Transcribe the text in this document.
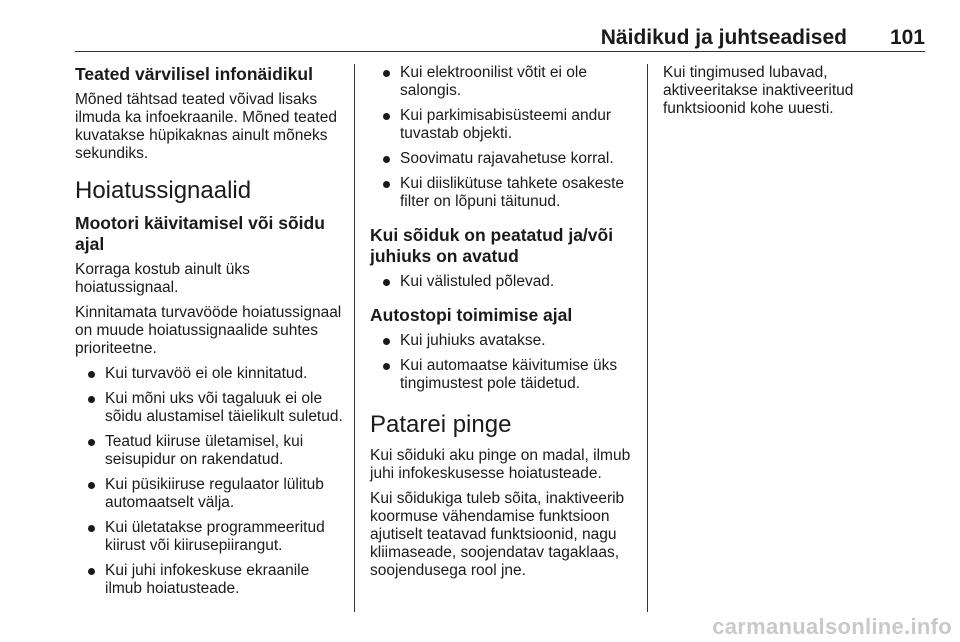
Näidikud ja juhtseadised 101
Teated värvilisel infonäidikul

Mõned tähtsad teated võivad lisaks ilmuda ka infoekraanile. Mõned teated kuvatakse hüpikaknas ainult mõneks sekundiks.

Hoiatussignaalid
Mootori käivitamisel või sõidu ajal

Korraga kostub ainult üks hoiatussignaal.

Kinnitamata turvavööde hoiatussignaal on muude hoiatussignaalide suhtes prioriteetne.

Kui turvavöö ei ole kinnitatud.
Kui mõni uks või tagaluuk ei ole sõidu alustamisel täielikult suletud.
Teatud kiiruse ületamisel, kui seisupidur on rakendatud.
Kui püsikiiruse regulaator lülitub automaatselt välja.
Kui ületatakse programmeeritud kiirust või kiirusepiirangut.
Kui juhi infokeskuse ekraanile ilmub hoiatusteade.
Kui elektroonilist võtit ei ole salongis.
Kui parkimisabisüsteemi andur tuvastab objekti.
Soovimatu rajavahetuse korral.
Kui diislikütuse tahkete osakeste filter on lõpuni täitunud.
Kui sõiduk on peatatud ja/või juhiuks on avatud
Kui välistuled põlevad.
Autostopi toimimise ajal
Kui juhiuks avatakse.
Kui automaatse käivitumise üks tingimustest pole täidetud.
Patarei pinge

Kui sõiduki aku pinge on madal, ilmub juhi infokeskusesse hoiatusteade.

Kui sõidukiga tuleb sõita, inaktiveerib koormuse vähendamise funktsioon ajutiselt teatavad funktsioonid, nagu kliimaseade, soojendatav tagaklaas, soojendusega rool jne.

Kui tingimused lubavad, aktiveeritakse inaktiveeritud funktsioonid kohe uuesti.

carmanualsonline.info
